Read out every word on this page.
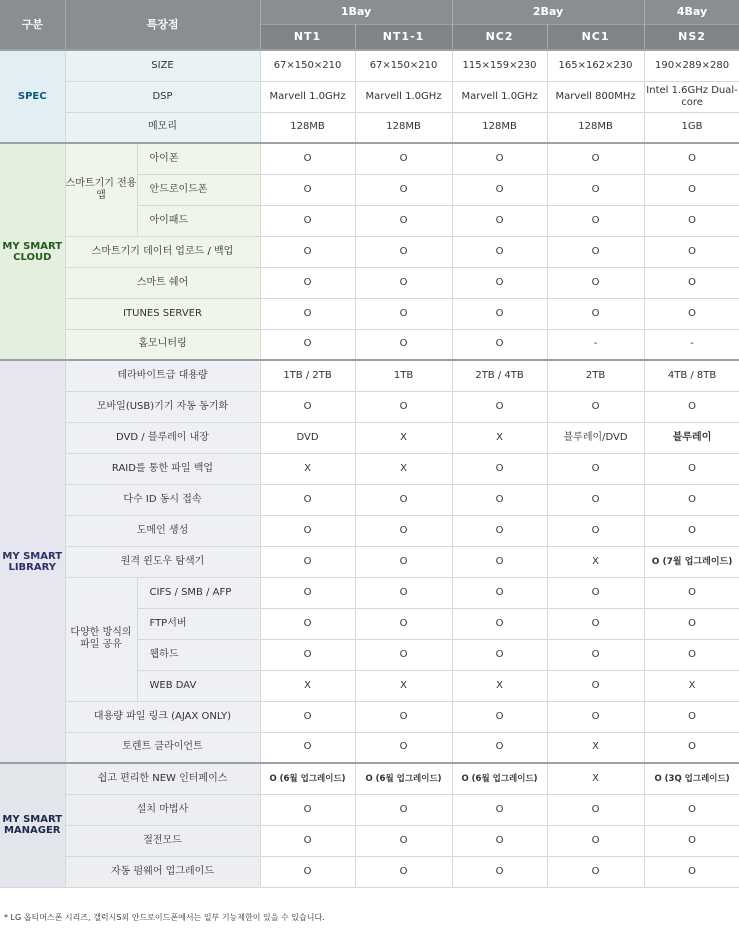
구분	특장점		1Bay		2Bay		4Bay
			NT1	NT1-1	NC2	NC1	NS2
SPEC	SIZE		67×150×210	67×150×210	115×159×230	165×162×230	190×289×280
	DSP		Marvell 1.0GHz	Marvell 1.0GHz	Marvell 1.0GHz	Marvell 800MHz	Intel 1.6GHz Dual-core
	메모리		128MB	128MB	128MB	128MB	1GB
MY SMART CLOUD	스마트기기 전용 앱	아이폰	O	O	O	O	O
		안드로이드폰	O	O	O	O	O
		아이패드	O	O	O	O	O
	스마트기기 데이터 업로드 / 백업		O	O	O	O	O
	스마트 쉐어		O	O	O	O	O
	ITUNES SERVER		O	O	O	O	O
	홈모니터링		O	O	O	-	-
MY SMART LIBRARY	테라바이트급 대용량		1TB / 2TB	1TB	2TB / 4TB	2TB	4TB / 8TB
	모바일(USB)기기 자동 동기화		O	O	O	O	O
	DVD / 블루레이 내장		DVD	X	X	블루레이/DVD	블루레이
	RAID를 통한 파일 백업		X	X	O	O	O
	다수 ID 동시 접속		O	O	O	O	O
	도메인 생성		O	O	O	O	O
	원격 윈도우 탐색기		O	O	O	X	O (7월 업그레이드)
	다양한 방식의 파일 공유	CIFS / SMB / AFP	O	O	O	O	O
		FTP서버	O	O	O	O	O
		웹하드	O	O	O	O	O
		WEB DAV	X	X	X	O	X
	대용량 파일 링크 (AJAX ONLY)		O	O	O	O	O
	토렌트 클라이언트		O	O	O	X	O
MY SMART MANAGER	쉽고 편리한 NEW 인터페이스		O (6월 업그레이드)	O (6월 업그레이드)	O (6월 업그레이드)	X	O (3Q 업그레이드)
	설치 마법사		O	O	O	O	O
	절전모드		O	O	O	O	O
	자동 펌웨어 업그레이드		O	O	O	O	O
* LG 옵티머스폰 시리즈, 갤럭시S외 안드로이드폰에서는 일부 기능제한이 있을 수 있습니다.
